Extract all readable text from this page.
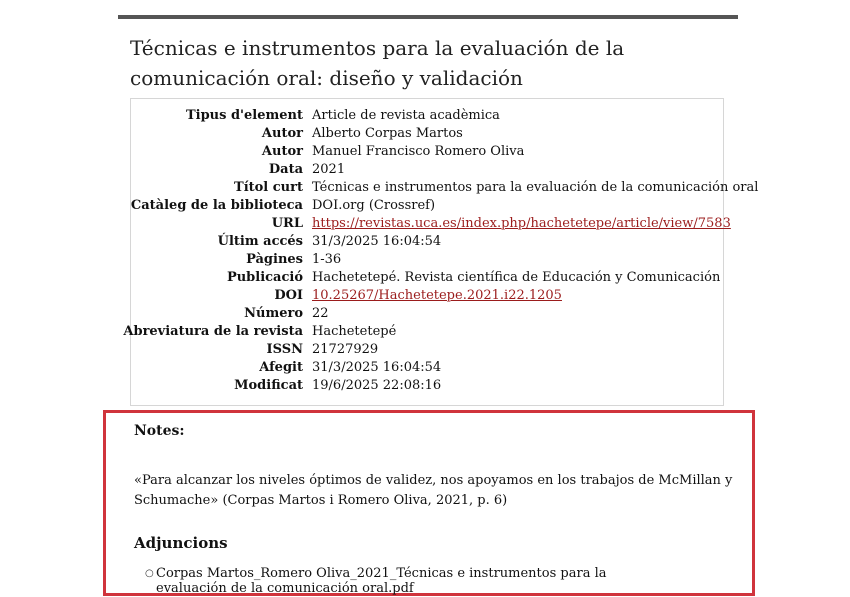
Técnicas e instrumentos para la evaluación de la comunicación oral: diseño y validación
Tipus d'element Article de revista acadèmica
Autor Alberto Corpas Martos
Autor Manuel Francisco Romero Oliva
Data 2021
Títol curt Técnicas e instrumentos para la evaluación de la comunicación oral
Catàleg de la biblioteca DOI.org (Crossref)
URL https://revistas.uca.es/index.php/hachetetepe/article/view/7583
Últim accés 31/3/2025 16:04:54
Pàgines 1-36
Publicació Hachetetepé. Revista científica de Educación y Comunicación
DOI 10.25267/Hachetetepe.2021.i22.1205
Número 22
Abreviatura de la revista Hachetetepé
ISSN 21727929
Afegit 31/3/2025 16:04:54
Modificat 19/6/2025 22:08:16
Notes:

«Para alcanzar los niveles óptimos de validez, nos apoyamos en los trabajos de McMillan y Schumache» (Corpas Martos i Romero Oliva, 2021, p. 6)

Adjuncions
○ Corpas Martos_Romero Oliva_2021_Técnicas e instrumentos para la evaluación de la comunicación oral.pdf
